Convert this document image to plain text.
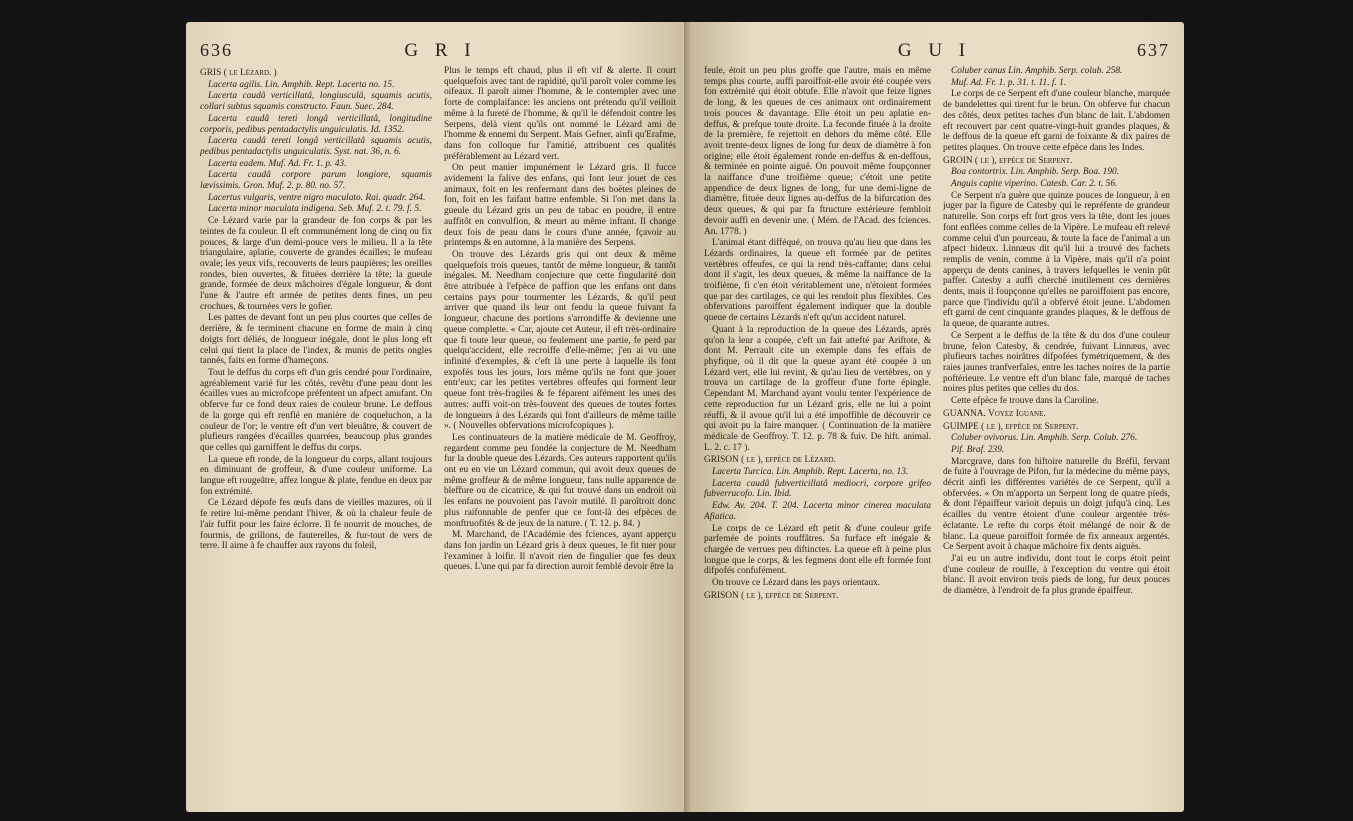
636	G R I

GRIS ( le Lézard. )

Lacerta agilis. Lin. Amphib. Rept. Lacerta no. 15.

Lacerta caudâ verticillatâ, longiusculâ, squamis acutis, collari subtus squamis constructo. Faun. Suec. 284.

Lacerta caudâ tereti longâ verticillatâ, longitudine corporis, pedibus pentadactylis unguiculatis. Id. 1352.

Lacerta caudâ tereti longâ verticillatâ squamis acutis, pedibus pentadactylis unguiculatis. Syst. nat. 36, n. 6.

Lacerta eadem. Muf. Ad. Fr. 1. p. 43.

Lacerta caudâ corpore parum longiore, squamis lævissimis. Gron. Muf. 2. p. 80. no. 57.

Lacertus vulgaris, ventre nigro maculato. Rai. quadr. 264.

Lacerta minor maculata indigena. Seb. Muf. 2. t. 79. f. 5.

Ce Lézard varie par la grandeur de fon corps & par les teintes de fa couleur. Il eft communément long de cinq ou fix pouces, & large d'un demi-pouce vers le milieu. Il a la tête triangulaire, aplatie, couverte de grandes écailles; le mufeau ovale; les yeux vifs, recouverts de leurs paupières; les oreilles rondes, bien ouvertes, & fituées derrière la tête; la gueule grande, formée de deux mâchoires d'égale longueur, & dont l'une & l'autre eft armée de petites dents fines, un peu crochues, & tournées vers le gofier.

Les pattes de devant font un peu plus courtes que celles de derrière, & fe terminent chacune en forme de main à cinq doigts fort déliés, de longueur inégale, dont le plus long eft celui qui tient la place de l'index, & munis de petits ongles tannés, faits en forme d'hameçons.

Tout le deffus du corps eft d'un gris cendré pour l'ordinaire, agréablement varié fur les côtés, revêtu d'une peau dont les écailles vues au microfcope préfentent un afpect amufant. On obferve fur ce fond deux raies de couleur brune. Le deffous de la gorge qui eft renflé en manière de coqueluchon, a la couleur de l'or; le ventre eft d'un vert bleuâtre, & couvert de plufieurs rangées d'écailles quarrées, beaucoup plus grandes que celles qui garniffent le deffus du corps.

La queue eft ronde, de la longueur du corps, allant toujours en diminuant de groffeur, & d'une couleur uniforme. La langue eft rougeâtre, affez longue & plate, fendue en deux par fon extrémité.

Ce Lézard dépofe fes œufs dans de vieilles mazures, où il fe retire lui-même pendant l'hiver, & où la chaleur feule de l'air fuffit pour les faire éclorre. Il fe nourrit de mouches, de fourmis, de grillons, de fauterelles, & fur-tout de vers de terre. Il aime à fe chauffer aux rayons du foleil,

Plus le temps eft chaud, plus il eft vif & alerte. Il court quelquefois avec tant de rapidité, qu'il paroît voler comme les oifeaux. Il paroît aimer l'homme, & le contempler avec une forte de complaifance: les anciens ont prétendu qu'il veilloit même à la fureté de l'homme, & qu'il le défendoit contre les Serpens, delà vient qu'ils ont nommé le Lézard ami de l'homme & ennemi du Serpent. Mais Gefner, ainfi qu'Erafme, dans fon colloque fur l'amitié, attribuent ces qualités préférablement au Lézard vert.

On peut manier impunément le Lézard gris. Il fucce avidement la falive des enfans, qui font leur jouet de ces animaux, foit en les renfermant dans des boëtes pleines de fon, foit en les faifant battre enfemble. Si l'on met dans la gueule du Lézard gris un peu de tabac en poudre, il entre auffitôt en convulfion, & meurt au même inftant. Il change deux fois de peau dans le cours d'une année, fçavoir au printemps & en automne, à la manière des Serpens.

On trouve des Lézards gris qui ont deux & même quelquefois trois queues, tantôt de même longueur, & tantôt inégales. M. Needham conjecture que cette fingularité doit être attribuée à l'efpèce de paffion que les enfans ont dans certains pays pour tourmenter les Lézards, & qu'il peut arriver que quand ils leur ont fendu la queue fuivant fa longueur, chacune des portions s'arrondiffe & devienne une queue complette. « Car, ajoute cet Auteur, il eft très-ordinaire que fi toute leur queue, ou feulement une partie, fe perd par quelqu'accident, elle recroiffe d'elle-même; j'en ai vu une infinité d'exemples, & c'eft là une perte à laquelle ils font expofés tous les jours, lors même qu'ils ne font que jouer entr'eux; car les petites vertèbres offeufes qui forment leur queue font très-fragiles & fe féparent aifément les unes des autres: auffi voit-on très-fouvent des queues de toutes fortes de longueurs à des Lézards qui font d'ailleurs de même taille ». ( Nouvelles obfervations microfcopiques ).

Les continuateurs de la matière médicale de M. Geoffroy, regardent comme peu fondée la conjecture de M. Needham fur la double queue des Lézards. Ces auteurs rapportent qu'ils ont eu en vie un Lézard commun, qui avoit deux queues de même groffeur & de même longueur, fans nulle apparence de bleffure ou de cicatrice, & qui fut trouvé dans un endroit où les enfans ne pouvoient pas l'avoir mutilé. Il paroîtroit donc plus raifonnable de penfer que ce font-là des efpèces de monftruofités & de jeux de la nature. ( T. 12. p. 84. )

M. Marchand, de l'Académie des fciences, ayant apperçu dans fon jardin un Lézard gris à deux queues, le fit tuer pour l'examiner à loifir. Il n'avoit rien de fingulier que fes deux queues. L'une qui par fa direction auroit femblé devoir être la

G U I	637

feule, étoit un peu plus groffe que l'autre, mais en même temps plus courte, auffi paroiffoit-elle avoir été coupée vers fon extrémité qui étoit obtufe. Elle n'avoit que feize lignes de long, & les queues de ces animaux ont ordinairement trois pouces & davantage. Elle étoit un peu aplatie en-deffus, & prefque toute droite. La feconde fituée à la droite de la première, fe rejettoit en dehors du même côté. Elle avoit trente-deux lignes de long fur deux de diamètre à fon origine; elle étoit également ronde en-deffus & en-deffous, & terminée en pointe aiguë. On pouvoit même foupçonner la naiffance d'une troifième queue; c'étoit une petite appendice de deux lignes de long, fur une demi-ligne de diamètre, fituée deux lignes au-deffus de la bifurcation des deux queues, & qui par fa ftructure extérieure fembloit devoir auffi en devenir une. ( Mém. de l'Acad. des fciences. An. 1778. )

L'animal étant difféqué, on trouva qu'au lieu que dans les Lézards ordinaires, la queue eft formée par de petites vertèbres offeufes, ce qui la rend très-caffante; dans celui dont il s'agit, les deux queues, & même la naiffance de la troifième, fi c'en étoit véritablement une, n'étoient formées que par des cartilages, ce qui les rendoit plus flexibles. Ces obfervations paroiffent également indiquer que la double queue de certains Lézards n'eft qu'un accident naturel.

Quant à la reproduction de la queue des Lézards, après qu'on la leur a coupée, c'eft un fait attefté par Ariftote, & dont M. Perrault cite un exemple dans fes effais de phyfique, où il dit que la queue ayant été coupée à un Lézard vert, elle lui revint, & qu'au lieu de vertèbres, on y trouva un cartilage de la groffeur d'une forte épingle. Cependant M. Marchand ayant voulu tenter l'expérience de cette reproduction fur un Lézard gris, elle ne lui a point réuffi, & il avoue qu'il lui a été impoffible de découvrir ce qui avoit pu la faire manquer. ( Continuation de la matière médicale de Geoffroy. T. 12. p. 78 & fuiv. De hift. animal. L. 2. c. 17 ).

GRISON ( le ), efpèce de Lézard.

Lacerta Turcica. Lin. Amphib. Rept. Lacerta, no. 13.

Lacerta caudâ fubverticillatâ mediocri, corpore grifeo fubverrucofo. Lin. Ibid.

Edw. Av. 204. T. 204. Lacerta minor cinerea maculata Afiatica.

Le corps de ce Lézard eft petit & d'une couleur grife parfemée de points rouffâtres. Sa furface eft inégale & chargée de verrues peu diftinctes. La queue eft à peine plus longue que le corps, & les fegmens dont elle eft formée font difpofés confufément.

On trouve ce Lézard dans les pays orientaux.

GRISON ( le ), efpèce de Serpent.

Coluber canus Lin. Amphib. Serp. colub. 258.

Muf. Ad. Fr. 1. p. 31. t. 11. f. 1.

Le corps de ce Serpent eft d'une couleur blanche, marquée de bandelettes qui tirent fur le brun. On obferve fur chacun des côtés, deux petites taches d'un blanc de lait. L'abdomen eft recouvert par cent quatre-vingt-huit grandes plaques, & le deffous de la queue eft garni de foixante & dix paires de petites plaques. On trouve cette efpèce dans les Indes.

GROIN ( le ), efpèce de Serpent.

Boa contortrix. Lin. Amphib. Serp. Boa. 190.

Anguis capite viperino. Catesb. Car. 2. t. 56.

Ce Serpent n'a guère que quinze pouces de longueur, à en juger par la figure de Catesby qui le repréfente de grandeur naturelle. Son corps eft fort gros vers la tête, dont les joues font enflées comme celles de la Vipère. Le mufeau eft relevé comme celui d'un pourceau, & toute la face de l'animal a un afpect hideux. Linnæus dit qu'il lui a trouvé des fachets remplis de venin, comme à la Vipère, mais qu'il n'a point apperçu de dents canines, à travers lefquelles le venin pût paffer. Catesby a auffi cherché inutilement ces dernières dents, mais il foupçonne qu'elles ne paroiffoient pas encore, parce que l'individu qu'il a obfervé étoit jeune. L'abdomen eft garni de cent cinquante grandes plaques, & le deffous de la queue, de quarante autres.

Ce Serpent a le deffus de la tête & du dos d'une couleur brune, felon Catesby, & cendrée, fuivant Linnæus, avec plufieurs taches noirâtres difpofées fymétriquement, & des raies jaunes tranfverfales, entre les taches noires de la partie poftérieure. Le ventre eft d'un blanc fale, marqué de taches noires plus petites que celles du dos.

Cette efpèce fe trouve dans la Caroline.

GUANNA. Voyez Iguane.

GUIMPE ( le ), efpèce de Serpent.

Coluber ovivorus. Lin. Amphib. Serp. Colub. 276.

Pif. Braf. 239.

Marcgrave, dans fon hiftoire naturelle du Bréfil, fervant de fuite à l'ouvrage de Pifon, fur la médecine du même pays, décrit ainfi les différentes variétés de ce Serpent, qu'il a obfervées. « On m'apporta un Serpent long de quatre pieds, & dont l'épaiffeur varioit depuis un doigt jufqu'à cinq. Les écailles du ventre étoient d'une couleur argentée très-éclatante. Le refte du corps étoit mélangé de noir & de blanc. La queue paroiffoit formée de fix anneaux argentés. Ce Serpent avoit à chaque mâchoire fix dents aiguës.

J'ai eu un autre individu, dont tout le corps étoit peint d'une couleur de rouille, à l'exception du ventre qui étoit blanc. Il avoit environ trois pieds de long, fur deux pouces de diamètre, à l'endroit de fa plus grande épaiffeur.
